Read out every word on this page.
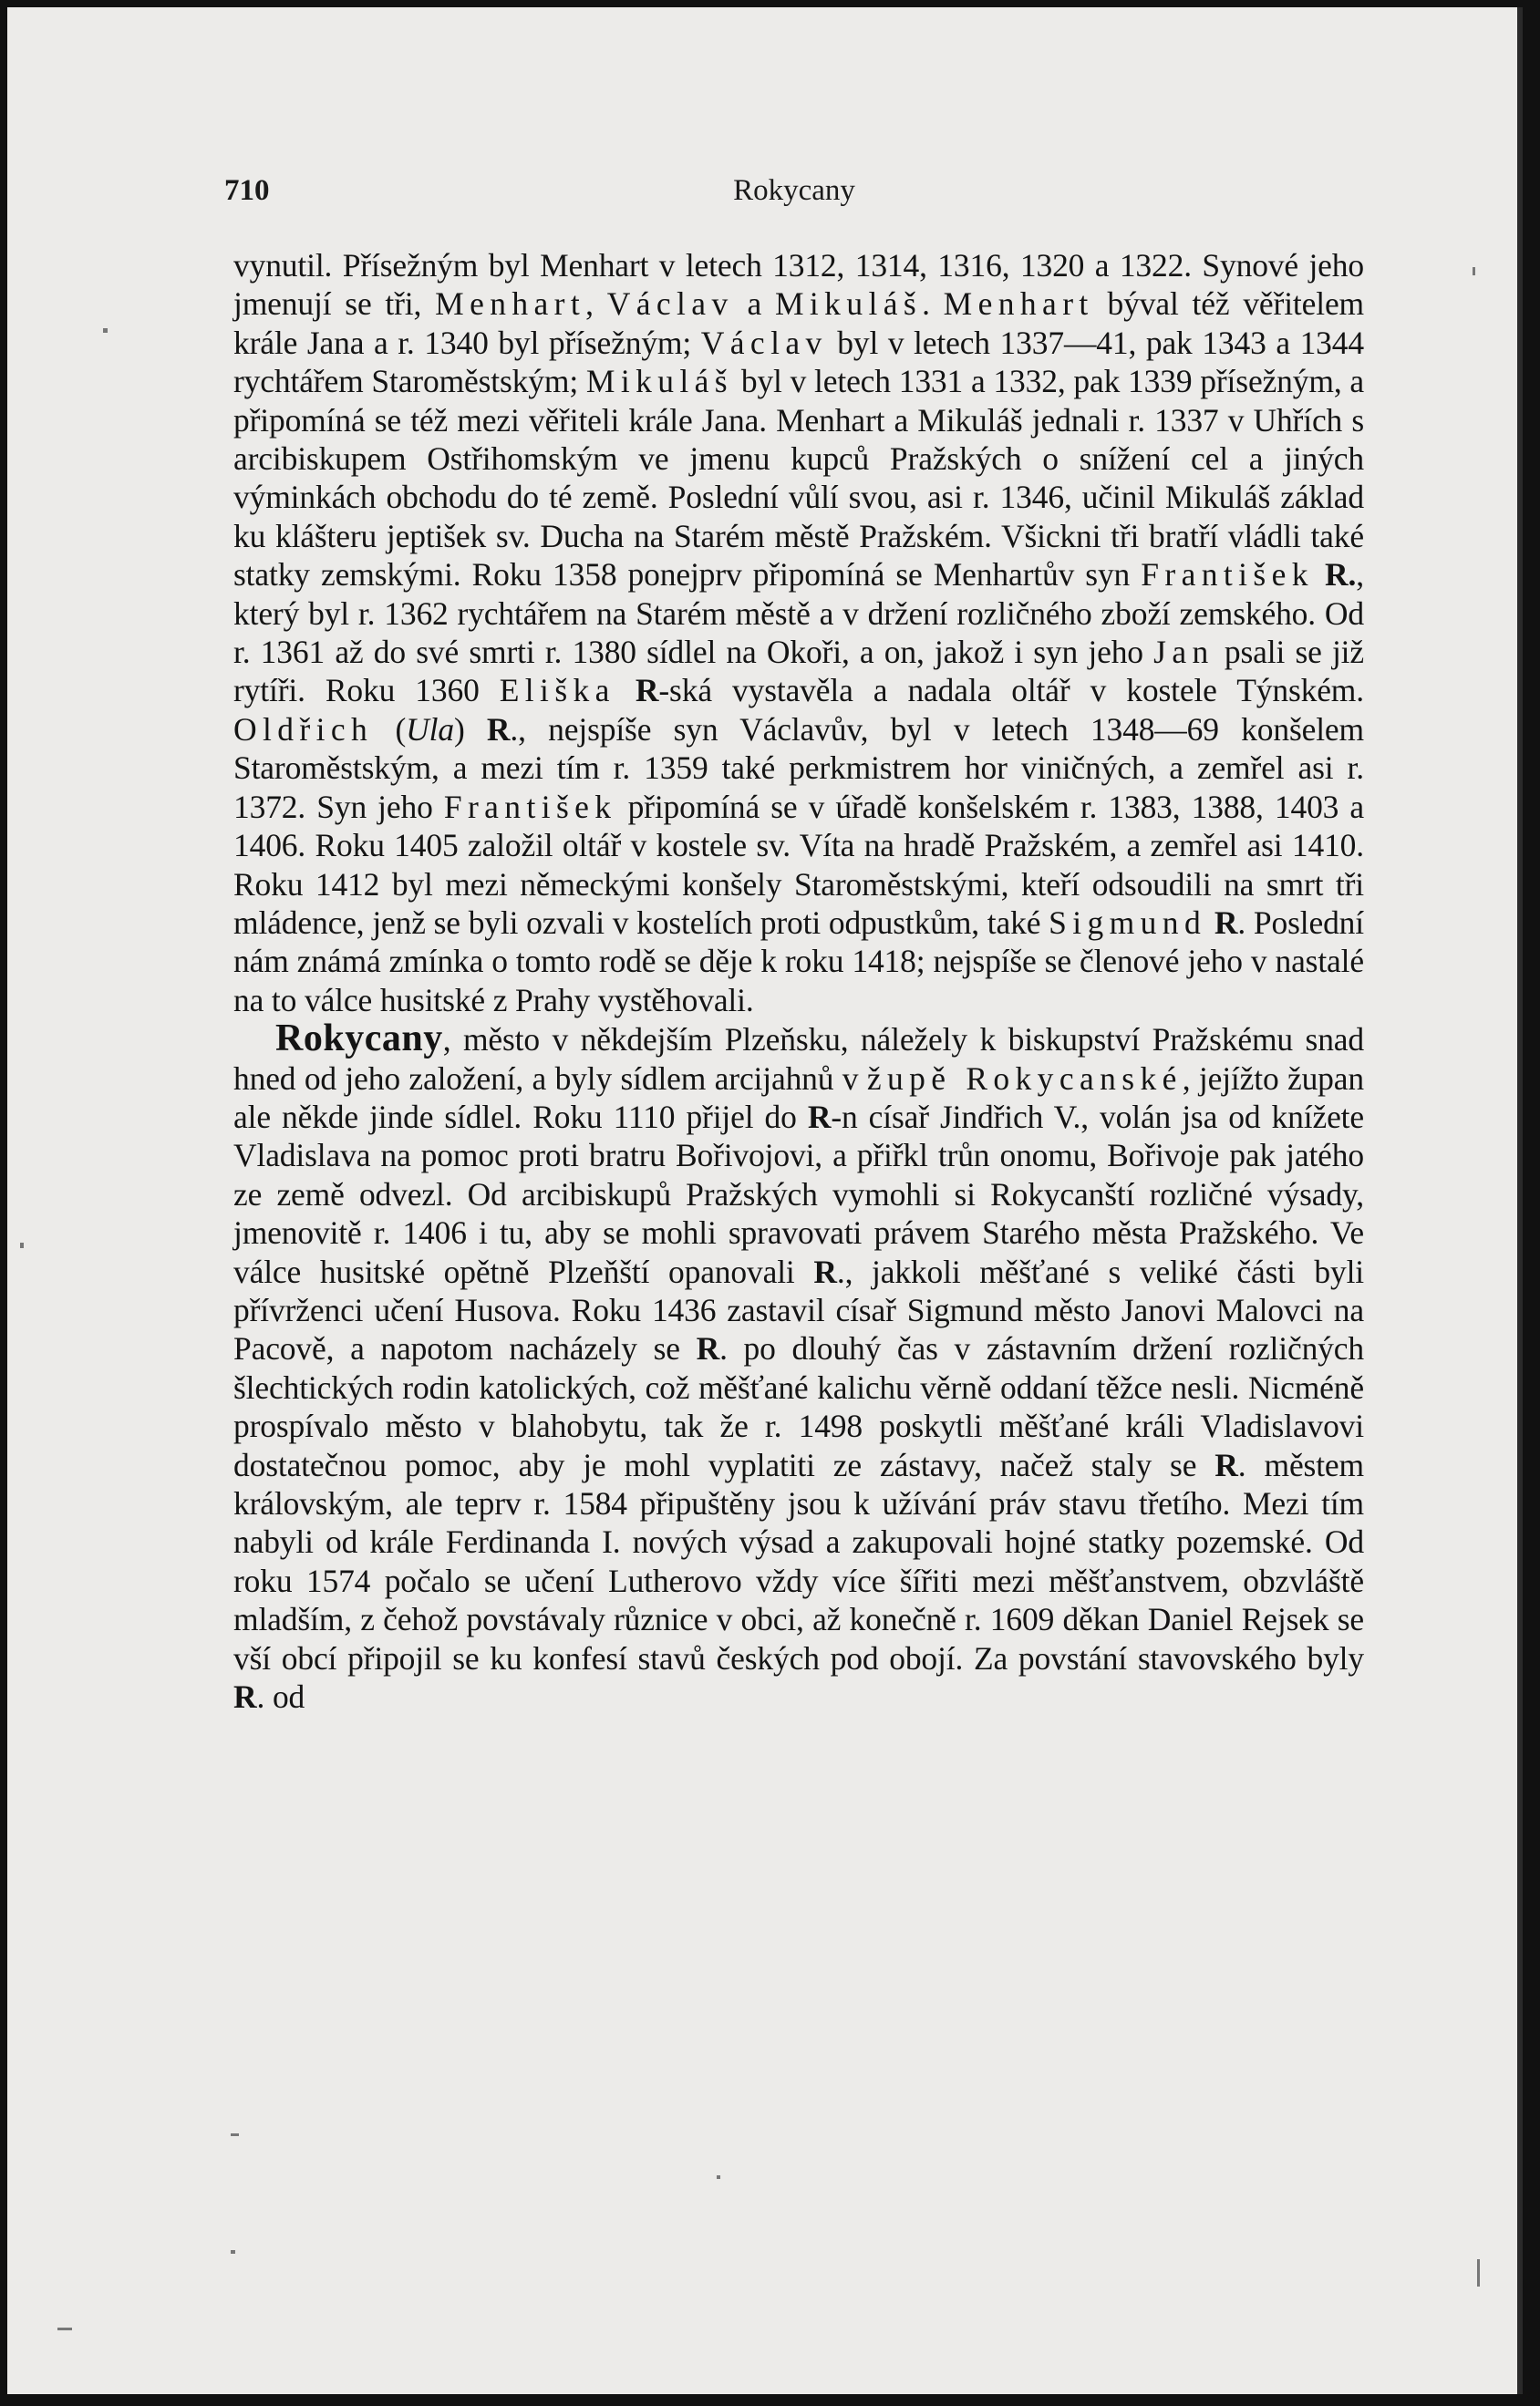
710	Rokycany

vynutil. Přísežným byl Menhart v letech 1312, 1314, 1316, 1320 a 1322. Synové jeho jmenují se tři, Menhart, Václav a Mikuláš. Menhart býval též věřitelem krále Jana a r. 1340 byl přísežným; Václav byl v letech 1337—41, pak 1343 a 1344 rychtářem Staroměstským; Mikuláš byl v letech 1331 a 1332, pak 1339 přísežným, a připomíná se též mezi věřiteli krále Jana. Menhart a Mikuláš jednali r. 1337 v Uhřích s arcibiskupem Ostřihomským ve jmenu kupců Pražských o snížení cel a jiných výminkách obchodu do té země. Poslední vůlí svou, asi r. 1346, učinil Mikuláš základ ku klášteru jeptišek sv. Ducha na Starém městě Pražském. Všickni tři bratří vládli také statky zemskými. Roku 1358 ponejprv připomíná se Menhartův syn František R., který byl r. 1362 rychtářem na Starém městě a v držení rozličného zboží zemského. Od r. 1361 až do své smrti r. 1380 sídlel na Okoři, a on, jakož i syn jeho Jan psali se již rytíři. Roku 1360 Eliška R-ská vystavěla a nadala oltář v kostele Týnském. Oldřich (Ula) R., nejspíše syn Václavův, byl v letech 1348—69 konšelem Staroměstským, a mezi tím r. 1359 také perkmistrem hor viničných, a zemřel asi r. 1372. Syn jeho František připomíná se v úřadě konšelském r. 1383, 1388, 1403 a 1406. Roku 1405 založil oltář v kostele sv. Víta na hradě Pražském, a zemřel asi 1410. Roku 1412 byl mezi německými konšely Staroměstskými, kteří odsoudili na smrt tři mládence, jenž se byli ozvali v kostelích proti odpustkům, také Sigmund R. Poslední nám známá zmínka o tomto rodě se děje k roku 1418; nejspíše se členové jeho v nastalé na to válce husitské z Prahy vystěhovali.

Rokycany, město v někdejším Plzeňsku, náležely k biskupství Pražskému snad hned od jeho založení, a byly sídlem arcijahnů v župě Rokycanské, jejížto župan ale někde jinde sídlel. Roku 1110 přijel do R-n císař Jindřich V., volán jsa od knížete Vladislava na pomoc proti bratru Bořivojovi, a přiřkl trůn onomu, Bořivoje pak jatého ze země odvezl. Od arcibiskupů Pražských vymohli si Rokycanští rozličné výsady, jmenovitě r. 1406 i tu, aby se mohli spravovati právem Starého města Pražského. Ve válce husitské opětně Plzeňští opanovali R., jakkoli měšťané s veliké části byli přívrženci učení Husova. Roku 1436 zastavil císař Sigmund město Janovi Malovci na Pacově, a napotom nacházely se R. po dlouhý čas v zástavním držení rozličných šlechtických rodin katolických, což měšťané kalichu věrně oddaní těžce nesli. Nicméně prospívalo město v blahobytu, tak že r. 1498 poskytli měšťané králi Vladislavovi dostatečnou pomoc, aby je mohl vyplatiti ze zástavy, načež staly se R. městem královským, ale teprv r. 1584 připuštěny jsou k užívání práv stavu třetího. Mezi tím nabyli od krále Ferdinanda I. nových výsad a zakupovali hojné statky pozemské. Od roku 1574 počalo se učení Lutherovo vždy více šířiti mezi měšťanstvem, obzvláště mladším, z čehož povstávaly různice v obci, až konečně r. 1609 děkan Daniel Rejsek se vší obcí připojil se ku konfesí stavů českých pod obojí. Za povstání stavovského byly R. od
